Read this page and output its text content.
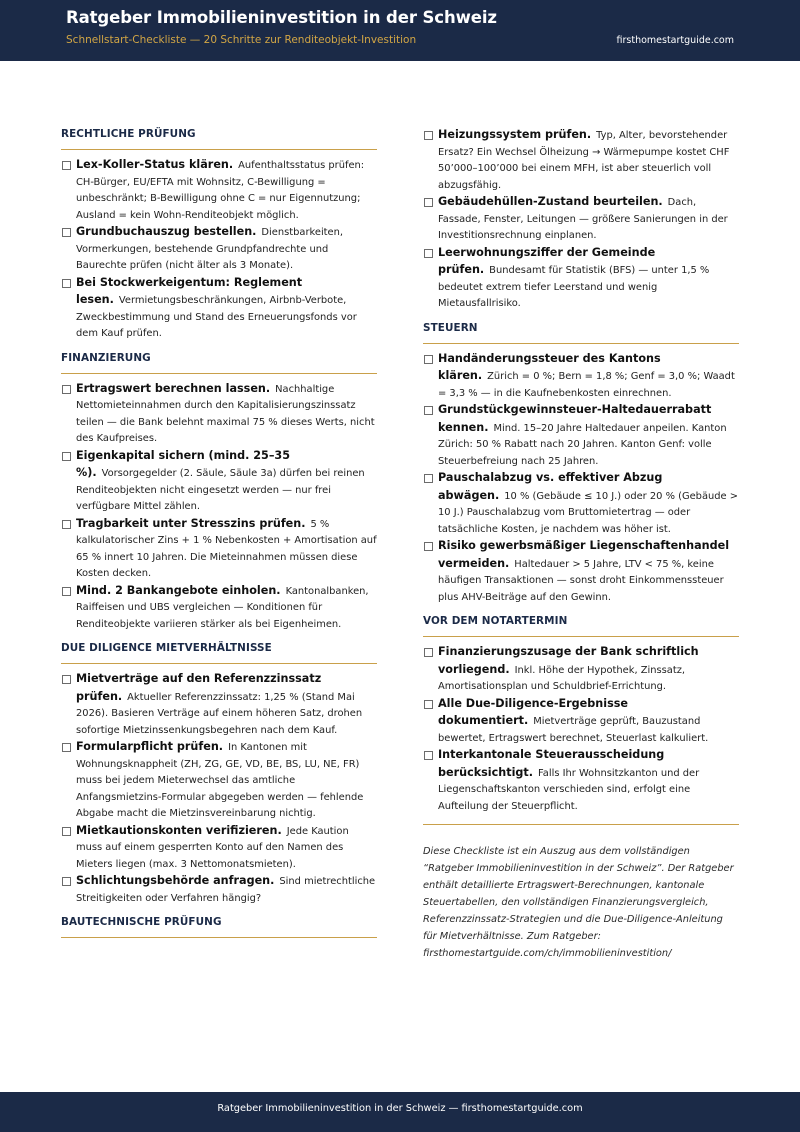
Ratgeber Immobilieninvestition in der Schweiz
Schnellstart-Checkliste — 20 Schritte zur Renditeobjekt-Investition	firsthomestartguide.com
RECHTLICHE PRÜFUNG
Lex-Koller-Status klären. Aufenthaltsstatus prüfen: CH-Bürger, EU/EFTA mit Wohnsitz, C-Bewilligung = unbeschränkt; B-Bewilligung ohne C = nur Eigennutzung; Ausland = kein Wohn-Renditeobjekt möglich.
Grundbuchauszug bestellen. Dienstbarkeiten, Vormerkungen, bestehende Grundpfandrechte und Baurechte prüfen (nicht älter als 3 Monate).
Bei Stockwerkeigentum: Reglement lesen. Vermietungsbeschränkungen, Airbnb-Verbote, Zweckbestimmung und Stand des Erneuerungsfonds vor dem Kauf prüfen.
FINANZIERUNG
Ertragswert berechnen lassen. Nachhaltige Nettomieteinnahmen durch den Kapitalisierungszinssatz teilen — die Bank belehnt maximal 75 % dieses Werts, nicht des Kaufpreises.
Eigenkapital sichern (mind. 25–35 %). Vorsorgegelder (2. Säule, Säule 3a) dürfen bei reinen Renditeobjekten nicht eingesetzt werden — nur frei verfügbare Mittel zählen.
Tragbarkeit unter Stresszins prüfen. 5 % kalkulatorischer Zins + 1 % Nebenkosten + Amortisation auf 65 % innert 10 Jahren. Die Mieteinnahmen müssen diese Kosten decken.
Mind. 2 Bankangebote einholen. Kantonalbanken, Raiffeisen und UBS vergleichen — Konditionen für Renditeobjekte variieren stärker als bei Eigenheimen.
DUE DILIGENCE MIETVERHÄLTNISSE
Mietverträge auf den Referenzzinssatz prüfen. Aktueller Referenzzinssatz: 1,25 % (Stand Mai 2026). Basieren Verträge auf einem höheren Satz, drohen sofortige Mietzinssenkungsbegehren nach dem Kauf.
Formularpflicht prüfen. In Kantonen mit Wohnungsknappheit (ZH, ZG, GE, VD, BE, BS, LU, NE, FR) muss bei jedem Mieterwechsel das amtliche Anfangsmietzins-Formular abgegeben werden — fehlende Abgabe macht die Mietzinsvereinbarung nichtig.
Mietkautionskonten verifizieren. Jede Kaution muss auf einem gesperrten Konto auf den Namen des Mieters liegen (max. 3 Nettomonatsmieten).
Schlichtungsbehörde anfragen. Sind mietrechtliche Streitigkeiten oder Verfahren hängig?
BAUTECHNISCHE PRÜFUNG
Heizungssystem prüfen. Typ, Alter, bevorstehender Ersatz? Ein Wechsel Ölheizung → Wärmepumpe kostet CHF 50’000–100’000 bei einem MFH, ist aber steuerlich voll abzugsfähig.
Gebäudehüllen-Zustand beurteilen. Dach, Fassade, Fenster, Leitungen — größere Sanierungen in der Investitionsrechnung einplanen.
Leerwohnungsziffer der Gemeinde prüfen. Bundesamt für Statistik (BFS) — unter 1,5 % bedeutet extrem tiefer Leerstand und wenig Mietausfallrisiko.
STEUERN
Handänderungssteuer des Kantons klären. Zürich = 0 %; Bern = 1,8 %; Genf = 3,0 %; Waadt = 3,3 % — in die Kaufnebenkosten einrechnen.
Grundstückgewinnsteuer-Haltedauerrabatt kennen. Mind. 15–20 Jahre Haltedauer anpeilen. Kanton Zürich: 50 % Rabatt nach 20 Jahren. Kanton Genf: volle Steuerbefreiung nach 25 Jahren.
Pauschalabzug vs. effektiver Abzug abwägen. 10 % (Gebäude ≤ 10 J.) oder 20 % (Gebäude > 10 J.) Pauschalabzug vom Bruttomietertrag — oder tatsächliche Kosten, je nachdem was höher ist.
Risiko gewerbsmäßiger Liegenschaftenhandel vermeiden. Haltedauer > 5 Jahre, LTV < 75 %, keine häufigen Transaktionen — sonst droht Einkommenssteuer plus AHV-Beiträge auf den Gewinn.
VOR DEM NOTARTERMIN
Finanzierungszusage der Bank schriftlich vorliegend. Inkl. Höhe der Hypothek, Zinssatz, Amortisationsplan und Schuldbrief-Errichtung.
Alle Due-Diligence-Ergebnisse dokumentiert. Mietverträge geprüft, Bauzustand bewertet, Ertragswert berechnet, Steuerlast kalkuliert.
Interkantonale Steuerausscheidung berücksichtigt. Falls Ihr Wohnsitzkanton und der Liegenschaftskanton verschieden sind, erfolgt eine Aufteilung der Steuerpflicht.
Diese Checkliste ist ein Auszug aus dem vollständigen “Ratgeber Immobilieninvestition in der Schweiz”. Der Ratgeber enthält detaillierte Ertragswert-Berechnungen, kantonale Steuertabellen, den vollständigen Finanzierungsvergleich, Referenzzinssatz-Strategien und die Due-Diligence-Anleitung für Mietverhältnisse. Zum Ratgeber: firsthomestartguide.com/ch/immobilieninvestition/
Ratgeber Immobilieninvestition in der Schweiz — firsthomestartguide.com
